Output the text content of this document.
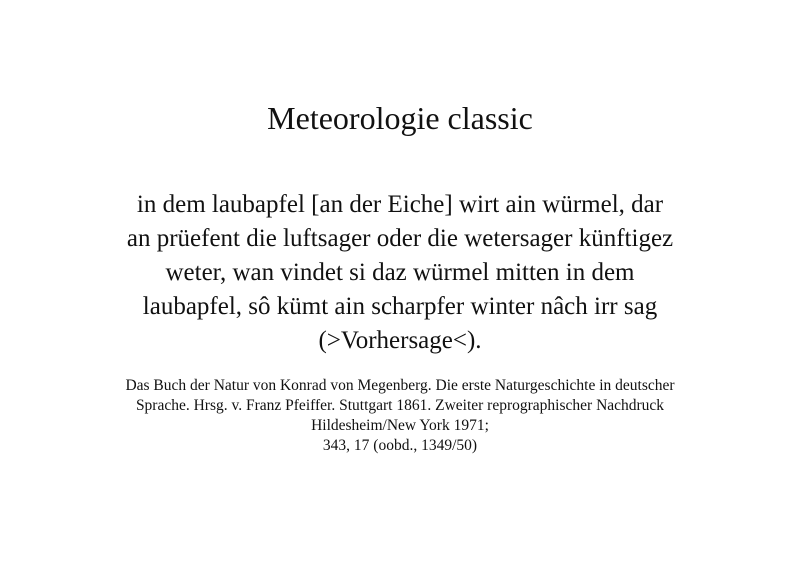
Meteorologie classic
in dem laubapfel [an der Eiche] wirt ain würmel, dar
an prüefent die luftsager oder die wetersager künftigez
weter, wan vindet si daz würmel mitten in dem
laubapfel, sô kümt ain scharpfer winter nâch irr sag
(>Vorhersage<).
Das Buch der Natur von Konrad von Megenberg. Die erste Naturgeschichte in deutscher
Sprache. Hrsg. v. Franz Pfeiffer. Stuttgart 1861. Zweiter reprographischer Nachdruck
Hildesheim/New York 1971;
343, 17 (oobd., 1349/50)
